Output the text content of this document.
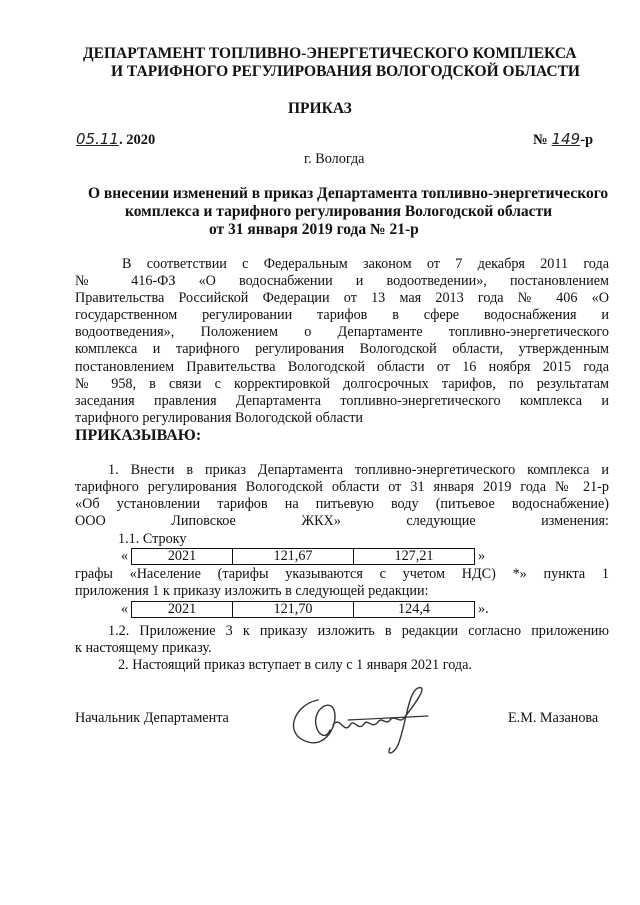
ДЕПАРТАМЕНТ ТОПЛИВНО-ЭНЕРГЕТИЧЕСКОГО КОМПЛЕКСА
И ТАРИФНОГО РЕГУЛИРОВАНИЯ ВОЛОГОДСКОЙ ОБЛАСТИ
ПРИКАЗ
05.11. 2020	№ 149-р
г. Вологда
О внесении изменений в приказ Департамента топливно-энергетического
комплекса и тарифного регулирования Вологодской области
от 31 января 2019 года № 21-р
В соответствии с Федеральным законом от 7 декабря 2011 года
№ 416-ФЗ «О водоснабжении и водоотведении», постановлением
Правительства Российской Федерации от 13 мая 2013 года № 406 «О
государственном регулировании тарифов в сфере водоснабжения и
водоотведения», Положением о Департаменте топливно-энергетического
комплекса и тарифного регулирования Вологодской области, утвержденным
постановлением Правительства Вологодской области от 16 ноября 2015 года
№ 958, в связи с корректировкой долгосрочных тарифов, по результатам
заседания правления Департамента топливно-энергетического комплекса и
тарифного регулирования Вологодской области
ПРИКАЗЫВАЮ:
1. Внести в приказ Департамента топливно-энергетического комплекса и
тарифного регулирования Вологодской области от 31 января 2019 года № 21-р
«Об установлении тарифов на питьевую воду (питьевое водоснабжение)
ООО Липовское ЖКХ» следующие изменения:
1.1. Строку
«	2021	121,67	127,21	»
графы «Население (тарифы указываются с учетом НДС) *» пункта 1
приложения 1 к приказу изложить в следующей редакции:
«	2021	121,70	124,4	».
1.2. Приложение 3 к приказу изложить в редакции согласно приложению
к настоящему приказу.
2. Настоящий приказ вступает в силу с 1 января 2021 года.
Начальник Департамента	Е.М. Мазанова
